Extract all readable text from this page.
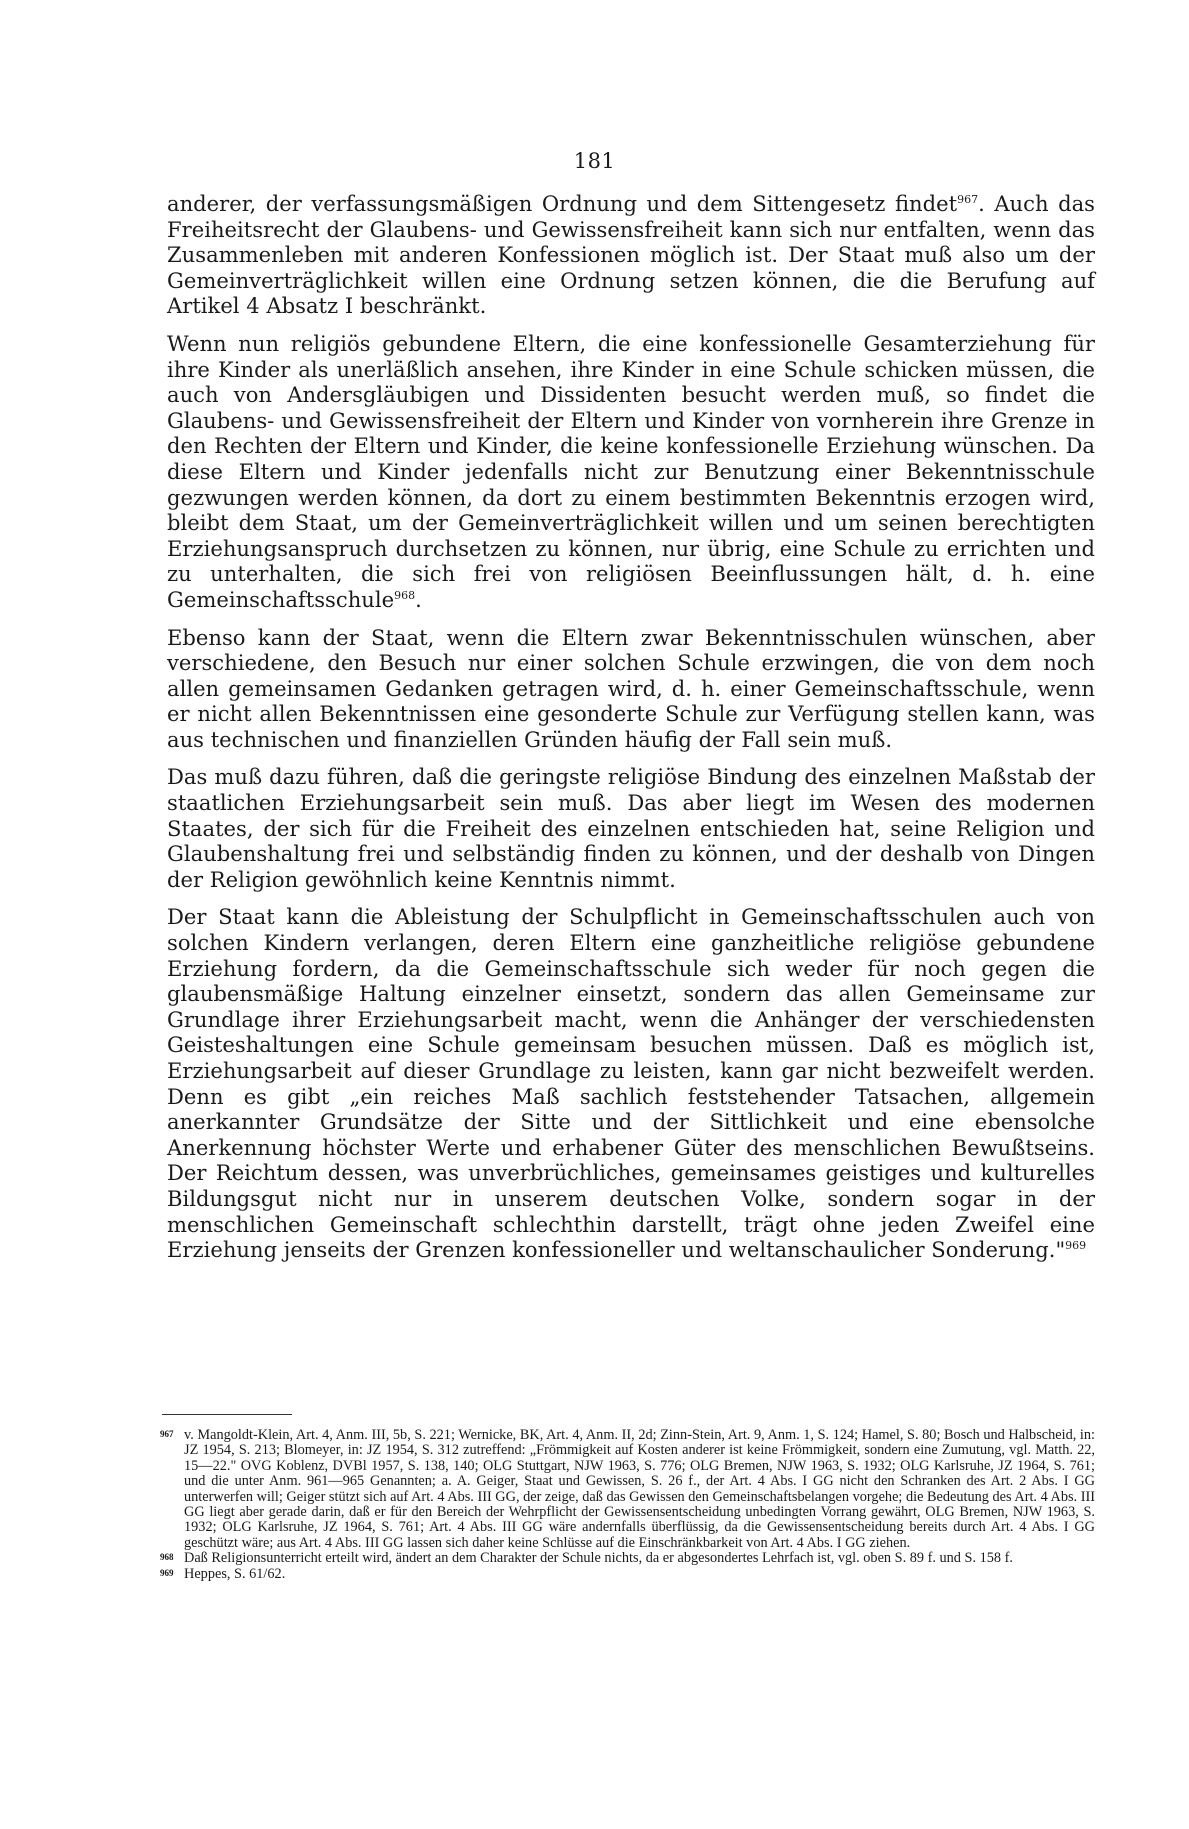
181

anderer, der verfassungsmäßigen Ordnung und dem Sittengesetz findet$^{967}$. Auch das Freiheitsrecht der Glaubens- und Gewissensfreiheit kann sich nur entfalten, wenn das Zusammenleben mit anderen Konfessionen möglich ist. Der Staat muß also um der Gemeinverträglichkeit willen eine Ordnung setzen können, die die Berufung auf Artikel 4 Absatz I beschränkt.

Wenn nun religiös gebundene Eltern, die eine konfessionelle Gesamterziehung für ihre Kinder als unerläßlich ansehen, ihre Kinder in eine Schule schicken müssen, die auch von Andersgläubigen und Dissidenten besucht werden muß, so findet die Glaubens- und Gewissensfreiheit der Eltern und Kinder von vornherein ihre Grenze in den Rechten der Eltern und Kinder, die keine konfessionelle Erziehung wünschen. Da diese Eltern und Kinder jedenfalls nicht zur Benutzung einer Bekenntnisschule gezwungen werden können, da dort zu einem bestimmten Bekenntnis erzogen wird, bleibt dem Staat, um der Gemeinverträglichkeit willen und um seinen berechtigten Erziehungsanspruch durchsetzen zu können, nur übrig, eine Schule zu errichten und zu unterhalten, die sich frei von religiösen Beeinflussungen hält, d. h. eine Gemeinschaftsschule$^{968}$.

Ebenso kann der Staat, wenn die Eltern zwar Bekenntnisschulen wünschen, aber verschiedene, den Besuch nur einer solchen Schule erzwingen, die von dem noch allen gemeinsamen Gedanken getragen wird, d. h. einer Gemeinschaftsschule, wenn er nicht allen Bekenntnissen eine gesonderte Schule zur Verfügung stellen kann, was aus technischen und finanziellen Gründen häufig der Fall sein muß.

Das muß dazu führen, daß die geringste religiöse Bindung des einzelnen Maßstab der staatlichen Erziehungsarbeit sein muß. Das aber liegt im Wesen des modernen Staates, der sich für die Freiheit des einzelnen entschieden hat, seine Religion und Glaubenshaltung frei und selbständig finden zu können, und der deshalb von Dingen der Religion gewöhnlich keine Kenntnis nimmt.

Der Staat kann die Ableistung der Schulpflicht in Gemeinschaftsschulen auch von solchen Kindern verlangen, deren Eltern eine ganzheitliche religiöse gebundene Erziehung fordern, da die Gemeinschaftsschule sich weder für noch gegen die glaubensmäßige Haltung einzelner einsetzt, sondern das allen Gemeinsame zur Grundlage ihrer Erziehungsarbeit macht, wenn die Anhänger der verschiedensten Geisteshaltungen eine Schule gemeinsam besuchen müssen. Daß es möglich ist, Erziehungsarbeit auf dieser Grundlage zu leisten, kann gar nicht bezweifelt werden. Denn es gibt „ein reiches Maß sachlich feststehender Tatsachen, allgemein anerkannter Grundsätze der Sitte und der Sittlichkeit und eine ebensolche Anerkennung höchster Werte und erhabener Güter des menschlichen Bewußtseins. Der Reichtum dessen, was unverbrüchliches, gemeinsames geistiges und kulturelles Bildungsgut nicht nur in unserem deutschen Volke, sondern sogar in der menschlichen Gemeinschaft schlechthin darstellt, trägt ohne jeden Zweifel eine Erziehung jenseits der Grenzen konfessioneller und weltanschaulicher Sonderung."$^{969}$

967 v. Mangoldt-Klein, Art. 4, Anm. III, 5b, S. 221; Wernicke, BK, Art. 4, Anm. II, 2d; Zinn-Stein, Art. 9, Anm. 1, S. 124; Hamel, S. 80; Bosch und Halbscheid, in: JZ 1954, S. 213; Blomeyer, in: JZ 1954, S. 312 zutreffend: „Frömmigkeit auf Kosten anderer ist keine Frömmigkeit, sondern eine Zumutung, vgl. Matth. 22, 15—22." OVG Koblenz, DVBl 1957, S. 138, 140; OLG Stuttgart, NJW 1963, S. 776; OLG Bremen, NJW 1963, S. 1932; OLG Karlsruhe, JZ 1964, S. 761; und die unter Anm. 961—965 Genannten; a. A. Geiger, Staat und Gewissen, S. 26 f., der Art. 4 Abs. I GG nicht den Schranken des Art. 2 Abs. I GG unterwerfen will; Geiger stützt sich auf Art. 4 Abs. III GG, der zeige, daß das Gewissen den Gemeinschaftsbelangen vorgehe; die Bedeutung des Art. 4 Abs. III GG liegt aber gerade darin, daß er für den Bereich der Wehrpflicht der Gewissensentscheidung unbedingten Vorrang gewährt, OLG Bremen, NJW 1963, S. 1932; OLG Karlsruhe, JZ 1964, S. 761; Art. 4 Abs. III GG wäre andernfalls überflüssig, da die Gewissensentscheidung bereits durch Art. 4 Abs. I GG geschützt wäre; aus Art. 4 Abs. III GG lassen sich daher keine Schlüsse auf die Einschränkbarkeit von Art. 4 Abs. I GG ziehen.
968 Daß Religionsunterricht erteilt wird, ändert an dem Charakter der Schule nichts, da er abgesondertes Lehrfach ist, vgl. oben S. 89 f. und S. 158 f.
969 Heppes, S. 61/62.
